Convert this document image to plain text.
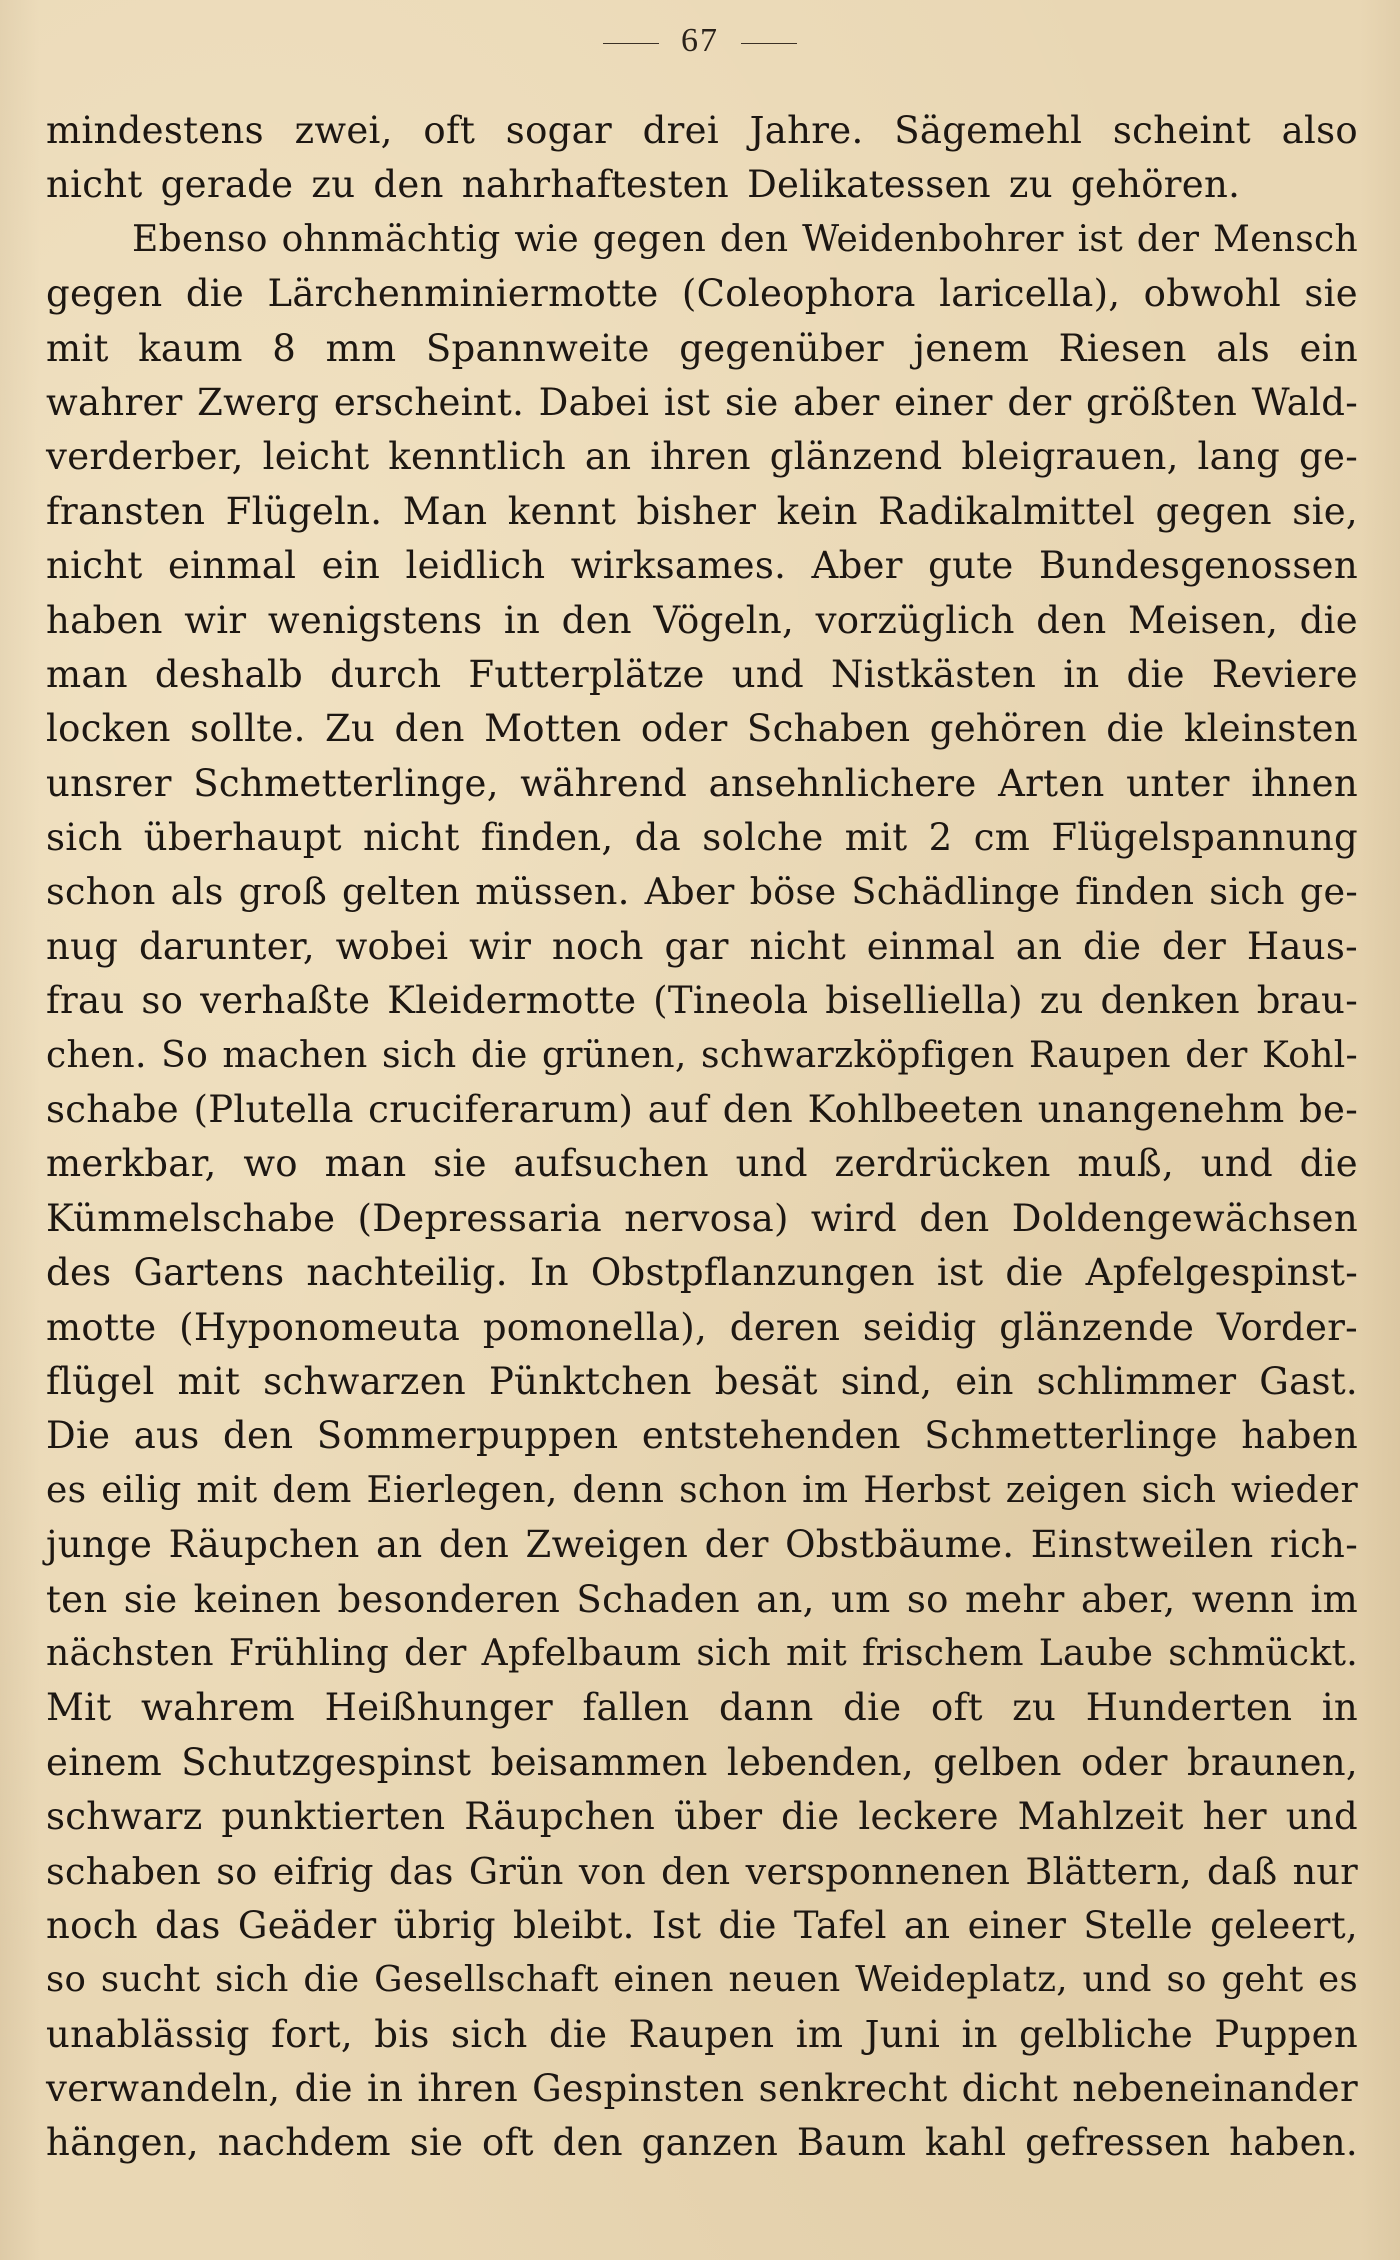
67
mindestens zwei, oft sogar drei Jahre. Sägemehl scheint also
nicht gerade zu den nahrhaftesten Delikatessen zu gehören.
Ebenso ohnmächtig wie gegen den Weidenbohrer ist der Mensch
gegen die Lärchenminiermotte (Coleophora laricella), obwohl sie
mit kaum 8 mm Spannweite gegenüber jenem Riesen als ein
wahrer Zwerg erscheint. Dabei ist sie aber einer der größten Wald-
verderber, leicht kenntlich an ihren glänzend bleigrauen, lang ge-
fransten Flügeln. Man kennt bisher kein Radikalmittel gegen sie,
nicht einmal ein leidlich wirksames. Aber gute Bundesgenossen
haben wir wenigstens in den Vögeln, vorzüglich den Meisen, die
man deshalb durch Futterplätze und Nistkästen in die Reviere
locken sollte. Zu den Motten oder Schaben gehören die kleinsten
unsrer Schmetterlinge, während ansehnlichere Arten unter ihnen
sich überhaupt nicht finden, da solche mit 2 cm Flügelspannung
schon als groß gelten müssen. Aber böse Schädlinge finden sich ge-
nug darunter, wobei wir noch gar nicht einmal an die der Haus-
frau so verhaßte Kleidermotte (Tineola biselliella) zu denken brau-
chen. So machen sich die grünen, schwarzköpfigen Raupen der Kohl-
schabe (Plutella cruciferarum) auf den Kohlbeeten unangenehm be-
merkbar, wo man sie aufsuchen und zerdrücken muß, und die
Kümmelschabe (Depressaria nervosa) wird den Doldengewächsen
des Gartens nachteilig. In Obstpflanzungen ist die Apfelgespinst-
motte (Hyponomeuta pomonella), deren seidig glänzende Vorder-
flügel mit schwarzen Pünktchen besät sind, ein schlimmer Gast.
Die aus den Sommerpuppen entstehenden Schmetterlinge haben
es eilig mit dem Eierlegen, denn schon im Herbst zeigen sich wieder
junge Räupchen an den Zweigen der Obstbäume. Einstweilen rich-
ten sie keinen besonderen Schaden an, um so mehr aber, wenn im
nächsten Frühling der Apfelbaum sich mit frischem Laube schmückt.
Mit wahrem Heißhunger fallen dann die oft zu Hunderten in
einem Schutzgespinst beisammen lebenden, gelben oder braunen,
schwarz punktierten Räupchen über die leckere Mahlzeit her und
schaben so eifrig das Grün von den versponnenen Blättern, daß nur
noch das Geäder übrig bleibt. Ist die Tafel an einer Stelle geleert,
so sucht sich die Gesellschaft einen neuen Weideplatz, und so geht es
unablässig fort, bis sich die Raupen im Juni in gelbliche Puppen
verwandeln, die in ihren Gespinsten senkrecht dicht nebeneinander
hängen, nachdem sie oft den ganzen Baum kahl gefressen haben.
